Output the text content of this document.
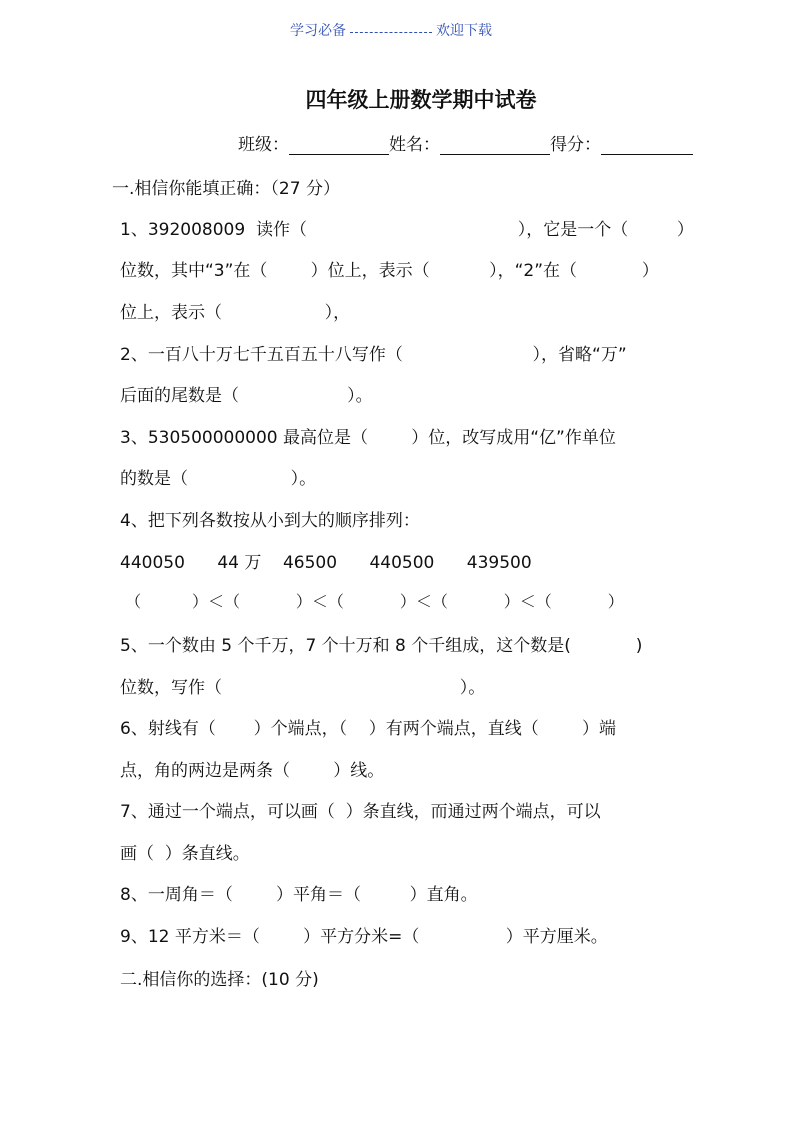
学习必备	欢迎下载
四年级上册数学期中试卷
班级：	姓名：	得分：
一.相信你能填正确：（27 分）
1、392008009  读作（                                       ），它是一个（         ）
位数，其中“3”在（        ）位上，表示（           ），“2”在（            ）
位上，表示（                   ），
2、一百八十万七千五百五十八写作（                        ），省略“万”
后面的尾数是（                    ）。
3、530500000000 最高位是（        ）位，改写成用“亿”作单位
的数是（                   ）。
4、把下列各数按从小到大的顺序排列：
440050      44 万    46500      440500      439500
（          ）＜（           ）＜（           ）＜（           ）＜（           ）
5、一个数由 5 个千万，7 个十万和 8 个千组成，这个数是(            )
位数，写作（                                            ）。
6、射线有（       ）个端点，（    ）有两个端点，直线（        ）端
点，角的两边是两条（        ）线。
7、通过一个端点，可以画（  ）条直线，而通过两个端点，可以
画（  ）条直线。
8、一周角＝（        ）平角＝（         ）直角。
9、12 平方米＝（        ）平方分米=（                ）平方厘米。
二.相信你的选择：(10 分)
